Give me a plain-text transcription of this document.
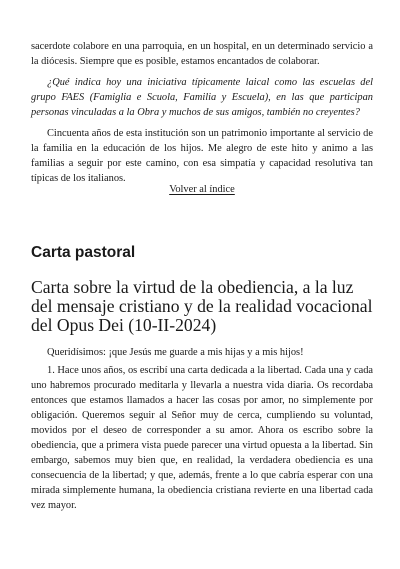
sacerdote colabore en una parroquia, en un hospital, en un determinado servicio a la diócesis. Siempre que es posible, estamos encantados de colaborar.

¿Qué indica hoy una iniciativa típicamente laical como las escuelas del grupo FAES (Famiglia e Scuola, Familia y Escuela), en las que participan personas vinculadas a la Obra y muchos de sus amigos, también no creyentes?

Cincuenta años de esta institución son un patrimonio importante al servicio de la familia en la educación de los hijos. Me alegro de este hito y animo a las familias a seguir por este camino, con esa simpatía y capacidad resolutiva tan típicas de los italianos.

Volver al índice
Carta pastoral
Carta sobre la virtud de la obediencia, a la luz del mensaje cristiano y de la realidad vocacional del Opus Dei (10-II-2024)

Queridísimos: ¡que Jesús me guarde a mis hijas y a mis hijos!

1. Hace unos años, os escribí una carta dedicada a la libertad. Cada una y cada uno habremos procurado meditarla y llevarla a nuestra vida diaria. Os recordaba entonces que estamos llamados a hacer las cosas por amor, no simplemente por obligación. Queremos seguir al Señor muy de cerca, cumpliendo su voluntad, movidos por el deseo de corresponder a su amor. Ahora os escribo sobre la obediencia, que a primera vista puede parecer una virtud opuesta a la libertad. Sin embargo, sabemos muy bien que, en realidad, la verdadera obediencia es una consecuencia de la libertad; y que, además, frente a lo que cabría esperar con una mirada simplemente humana, la obediencia cristiana revierte en una libertad cada vez mayor.
